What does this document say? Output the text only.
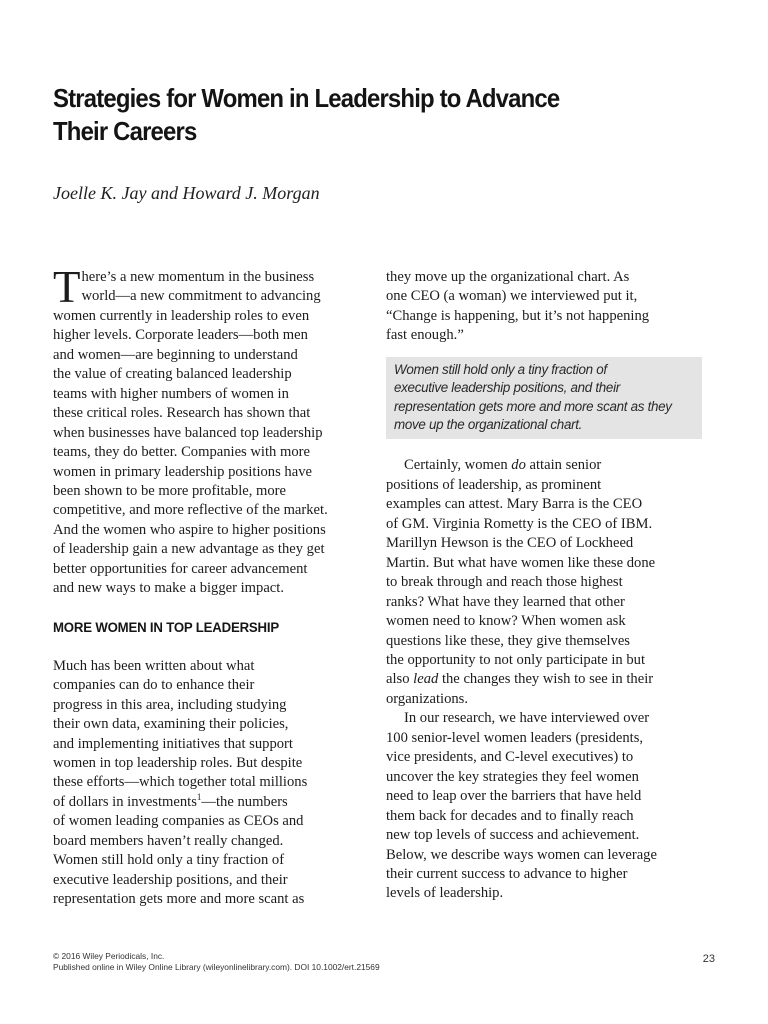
Strategies for Women in Leadership to Advance
Their Careers
Joelle K. Jay and Howard J. Morgan

T here’s a new momentum in the business
world—a new commitment to advancing
women currently in leadership roles to even
higher levels. Corporate leaders—both men
and women—are beginning to understand
the value of creating balanced leadership
teams with higher numbers of women in
these critical roles. Research has shown that
when businesses have balanced top leadership
teams, they do better. Companies with more
women in primary leadership positions have
been shown to be more profitable, more
competitive, and more reflective of the market.
And the women who aspire to higher positions
of leadership gain a new advantage as they get
better opportunities for career advancement
and new ways to make a bigger impact.

MORE WOMEN IN TOP LEADERSHIP

Much has been written about what
companies can do to enhance their
progress in this area, including studying
their own data, examining their policies,
and implementing initiatives that support
women in top leadership roles. But despite
these efforts—which together total millions
of dollars in investments$^1$—the numbers
of women leading companies as CEOs and
board members haven’t really changed.
Women still hold only a tiny fraction of
executive leadership positions, and their
representation gets more and more scant as

they move up the organizational chart. As
one CEO (a woman) we interviewed put it,
“Change is happening, but it’s not happening
fast enough.”

Women still hold only a tiny fraction of
executive leadership positions, and their
representation gets more and more scant as they
move up the organizational chart.

Certainly, women do attain senior
positions of leadership, as prominent
examples can attest. Mary Barra is the CEO
of GM. Virginia Rometty is the CEO of IBM.
Marillyn Hewson is the CEO of Lockheed
Martin. But what have women like these done
to break through and reach those highest
ranks? What have they learned that other
women need to know? When women ask
questions like these, they give themselves
the opportunity to not only participate in but
also lead the changes they wish to see in their
organizations.

In our research, we have interviewed over
100 senior-level women leaders (presidents,
vice presidents, and C-level executives) to
uncover the key strategies they feel women
need to leap over the barriers that have held
them back for decades and to finally reach
new top levels of success and achievement.
Below, we describe ways women can leverage
their current success to advance to higher
levels of leadership.

© 2016 Wiley Periodicals, Inc.
Published online in Wiley Online Library (wileyonlinelibrary.com). DOI 10.1002/ert.21569
23
